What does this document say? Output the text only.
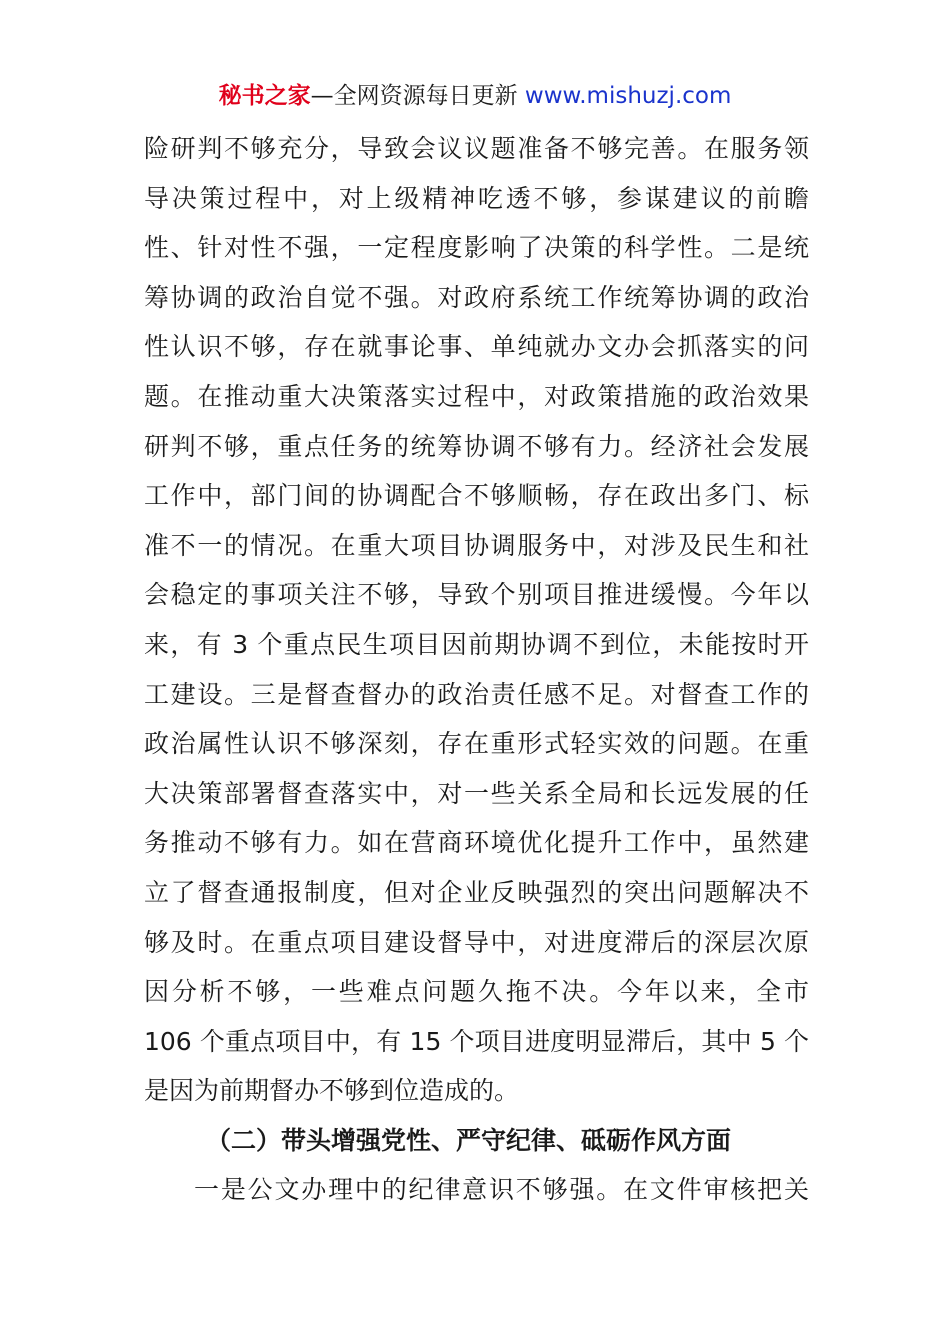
秘书之家—全网资源每日更新 www.mishuzj.com
险研判不够充分，导致会议议题准备不够完善。在服务领
导决策过程中，对上级精神吃透不够，参谋建议的前瞻
性、针对性不强，一定程度影响了决策的科学性。二是统
筹协调的政治自觉不强。对政府系统工作统筹协调的政治
性认识不够，存在就事论事、单纯就办文办会抓落实的问
题。在推动重大决策落实过程中，对政策措施的政治效果
研判不够，重点任务的统筹协调不够有力。经济社会发展
工作中，部门间的协调配合不够顺畅，存在政出多门、标
准不一的情况。在重大项目协调服务中，对涉及民生和社
会稳定的事项关注不够，导致个别项目推进缓慢。今年以
来，有 3 个重点民生项目因前期协调不到位，未能按时开
工建设。三是督查督办的政治责任感不足。对督查工作的
政治属性认识不够深刻，存在重形式轻实效的问题。在重
大决策部署督查落实中，对一些关系全局和长远发展的任
务推动不够有力。如在营商环境优化提升工作中，虽然建
立了督查通报制度，但对企业反映强烈的突出问题解决不
够及时。在重点项目建设督导中，对进度滞后的深层次原
因分析不够，一些难点问题久拖不决。今年以来，全市
106 个重点项目中，有 15 个项目进度明显滞后，其中 5 个
是因为前期督办不够到位造成的。
（二）带头增强党性、严守纪律、砥砺作风方面
一是公文办理中的纪律意识不够强。在文件审核把关
